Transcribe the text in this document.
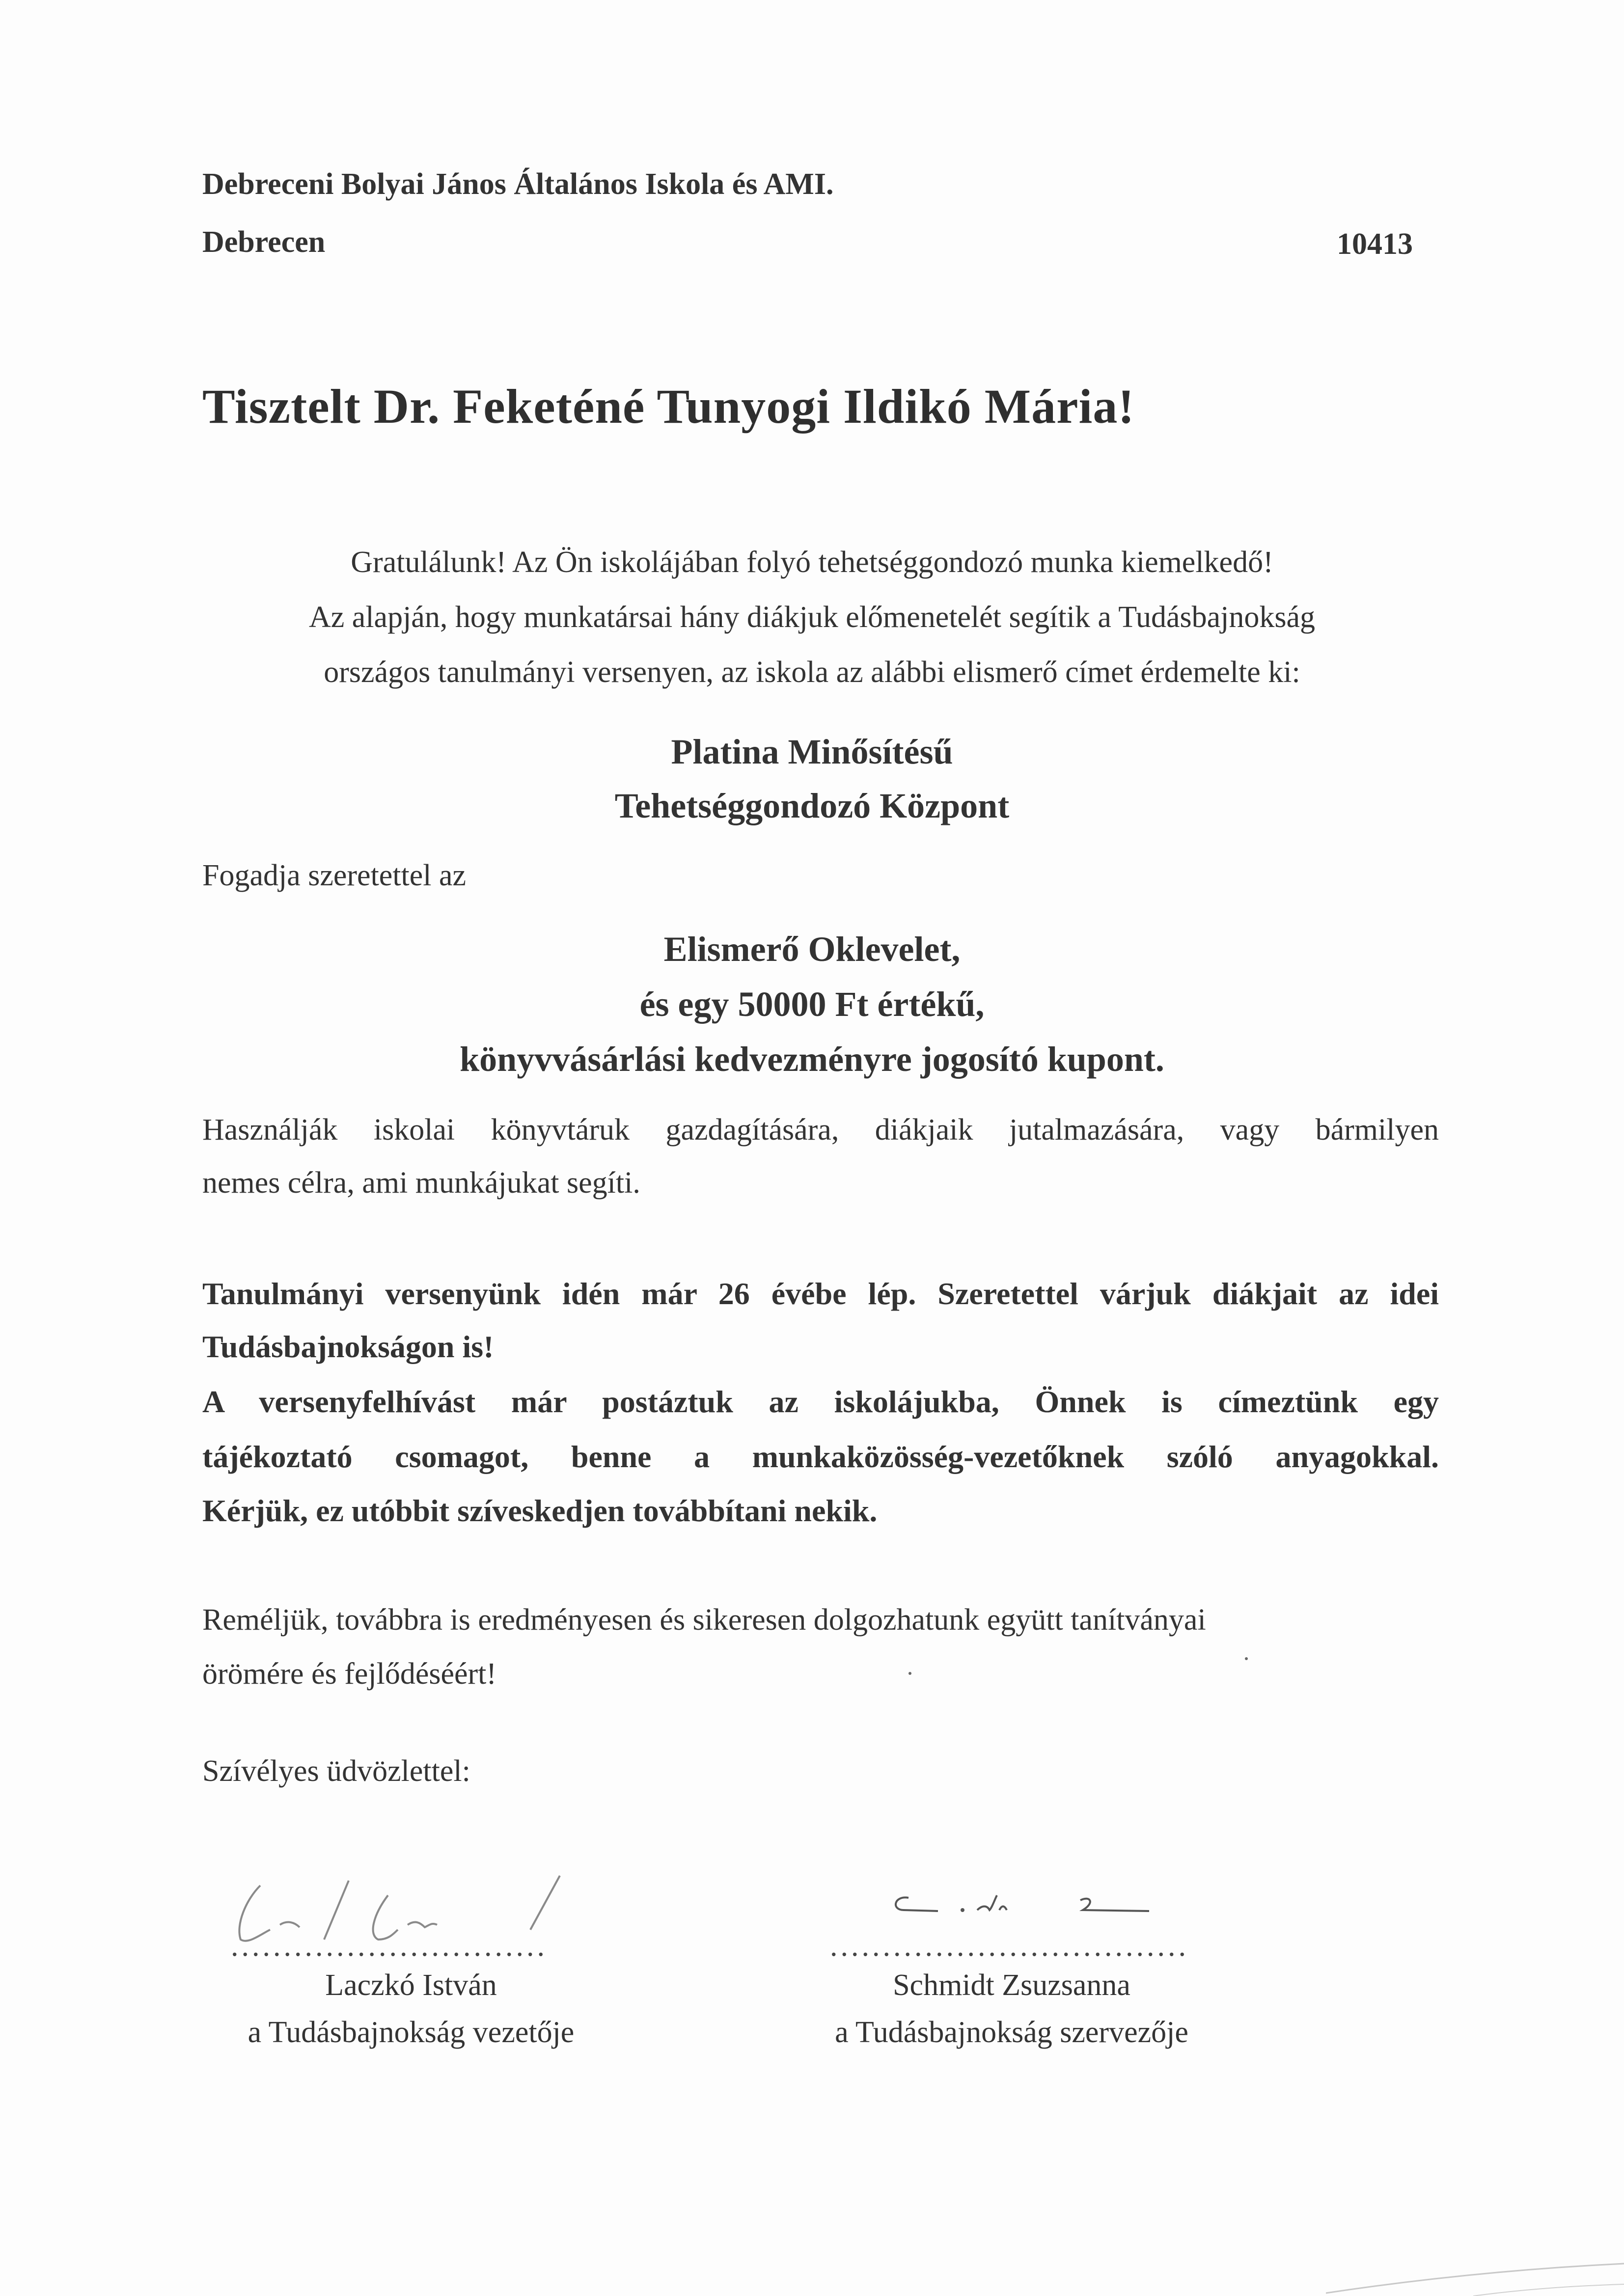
Debreceni Bolyai János Általános Iskola és AMI.
Debrecen	10413
Tisztelt Dr. Feketéné Tunyogi Ildikó Mária!
Gratulálunk! Az Ön iskolájában folyó tehetséggondozó munka kiemelkedő!
Az alapján, hogy munkatársai hány diákjuk előmenetelét segítik a Tudásbajnokság
országos tanulmányi versenyen, az iskola az alábbi elismerő címet érdemelte ki:
Platina Minősítésű
Tehetséggondozó Központ
Fogadja szeretettel az
Elismerő Oklevelet,
és egy 50000 Ft értékű,
könyvvásárlási kedvezményre jogosító kupont.
Használják iskolai könyvtáruk gazdagítására, diákjaik jutalmazására, vagy bármilyen
nemes célra, ami munkájukat segíti.
Tanulmányi versenyünk idén már 26 évébe lép. Szeretettel várjuk diákjait az idei
Tudásbajnokságon is!
A versenyfelhívást már postáztuk az iskolájukba, Önnek is címeztünk egy
tájékoztató csomagot, benne a munkaközösség-vezetőknek szóló anyagokkal.
Kérjük, ez utóbbit szíveskedjen továbbítani nekik.
Reméljük, továbbra is eredményesen és sikeresen dolgozhatunk együtt tanítványai
örömére és fejlődéséért!
Szívélyes üdvözlettel:
..............................
Laczkó István
a Tudásbajnokság vezetője
..................................
Schmidt Zsuzsanna
a Tudásbajnokság szervezője
